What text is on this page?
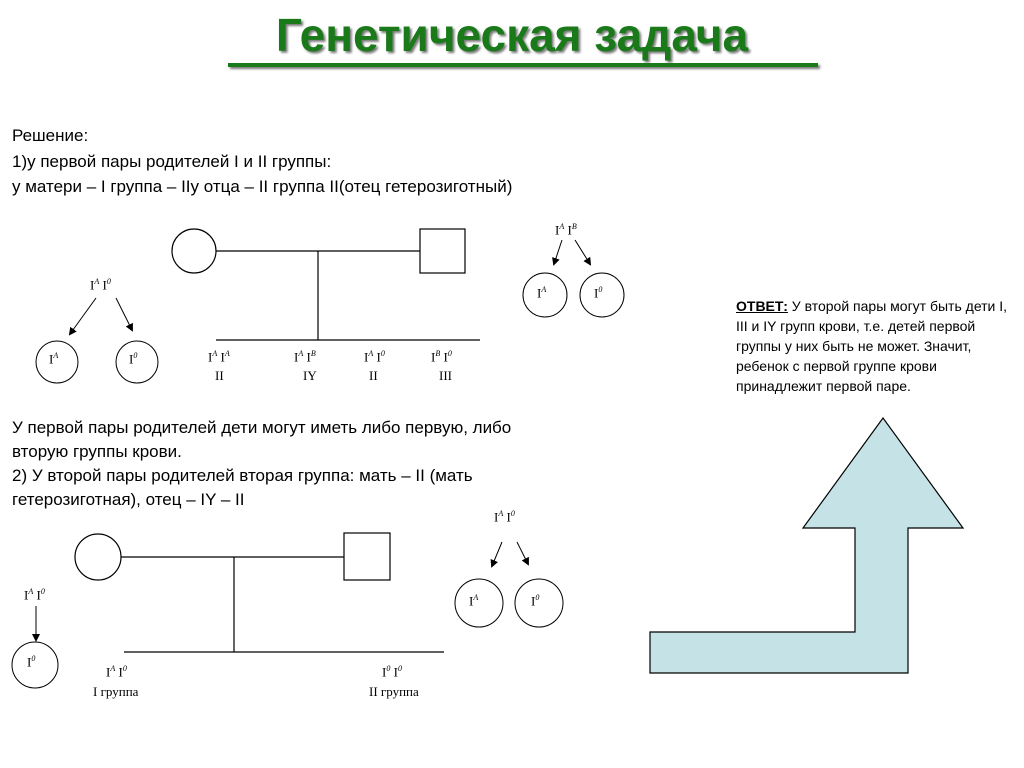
Генетическая задача
Решение:
1)у первой пары родителей I и II группы:
у матери – I группа – IIу отца – II группа II(отец гетерозиготный)
У первой пары родителей дети могут иметь либо первую, либо
вторую группы крови.
2) У второй пары родителей вторая группа: мать – II (мать
гетерозиготная), отец – IY – II
ОТВЕТ: У второй пары могут быть дети I, III и IY групп крови, т.е. детей первой группы у них быть не может. Значит, ребенок с первой группе крови принадлежит первой паре.
$I^A$ $I^0$
$I^A$	$I^0$
$I^A$ $I^B$
$I^A$	$I^0$
$I^A$ $I^A$
II
$I^A$ $I^B$
IY
$I^A$ $I^0$
II
$I^B$ $I^0$
III
$I^A$ $I^0$
$I^0$
$I^A$ $I^0$
$I^A$	$I^0$
$I^A$ $I^0$
I группа
$I^0$ $I^0$
II группа
